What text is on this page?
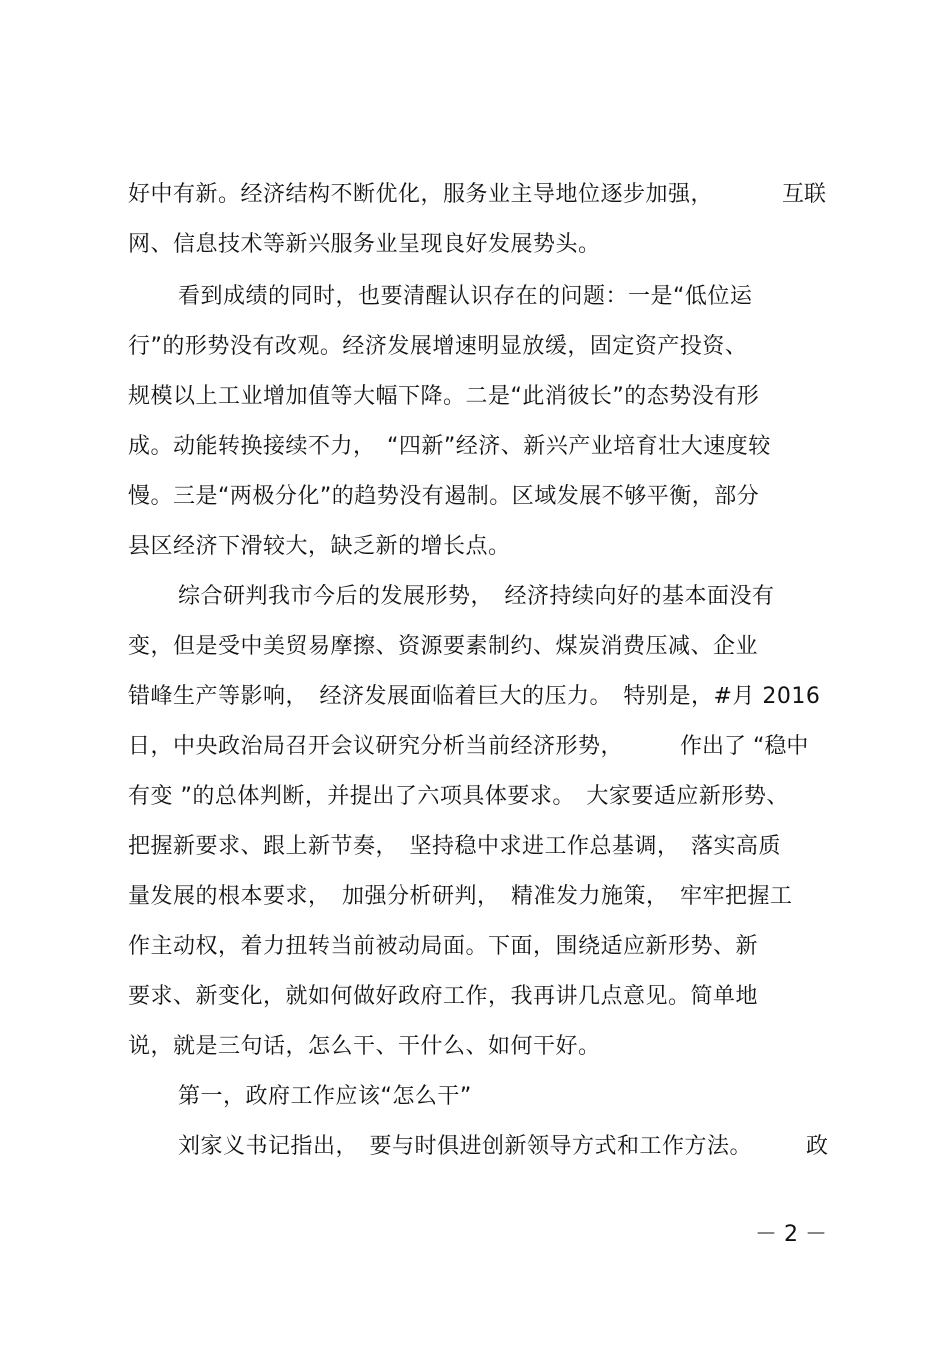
好中有新。经济结构不断优化，服务业主导地位逐步加强，	互联
网、信息技术等新兴服务业呈现良好发展势头。
看到成绩的同时，也要清醒认识存在的问题：一是“低位运
行”的形势没有改观。经济发展增速明显放缓，固定资产投资、
规模以上工业增加值等大幅下降。二是“此消彼长”的态势没有形
成。动能转换接续不力，　“四新”经济、新兴产业培育壮大速度较
慢。三是“两极分化”的趋势没有遏制。区域发展不够平衡，部分
县区经济下滑较大，缺乏新的增长点。
综合研判我市今后的发展形势，　经济持续向好的基本面没有
变，但是受中美贸易摩擦、资源要素制约、煤炭消费压减、企业
错峰生产等影响，　经济发展面临着巨大的压力。　特别是，#月 2016
日，中央政治局召开会议研究分析当前经济形势，	作出了 “稳中
有变 ”的总体判断，并提出了六项具体要求。　大家要适应新形势、
把握新要求、跟上新节奏，　坚持稳中求进工作总基调，　落实高质
量发展的根本要求，　加强分析研判，　精准发力施策，　牢牢把握工
作主动权，着力扭转当前被动局面。下面，围绕适应新形势、新
要求、新变化，就如何做好政府工作，我再讲几点意见。简单地
说，就是三句话，怎么干、干什么、如何干好。
第一，政府工作应该“怎么干”
刘家义书记指出，　要与时俱进创新领导方式和工作方法。 政
－ 2 －
